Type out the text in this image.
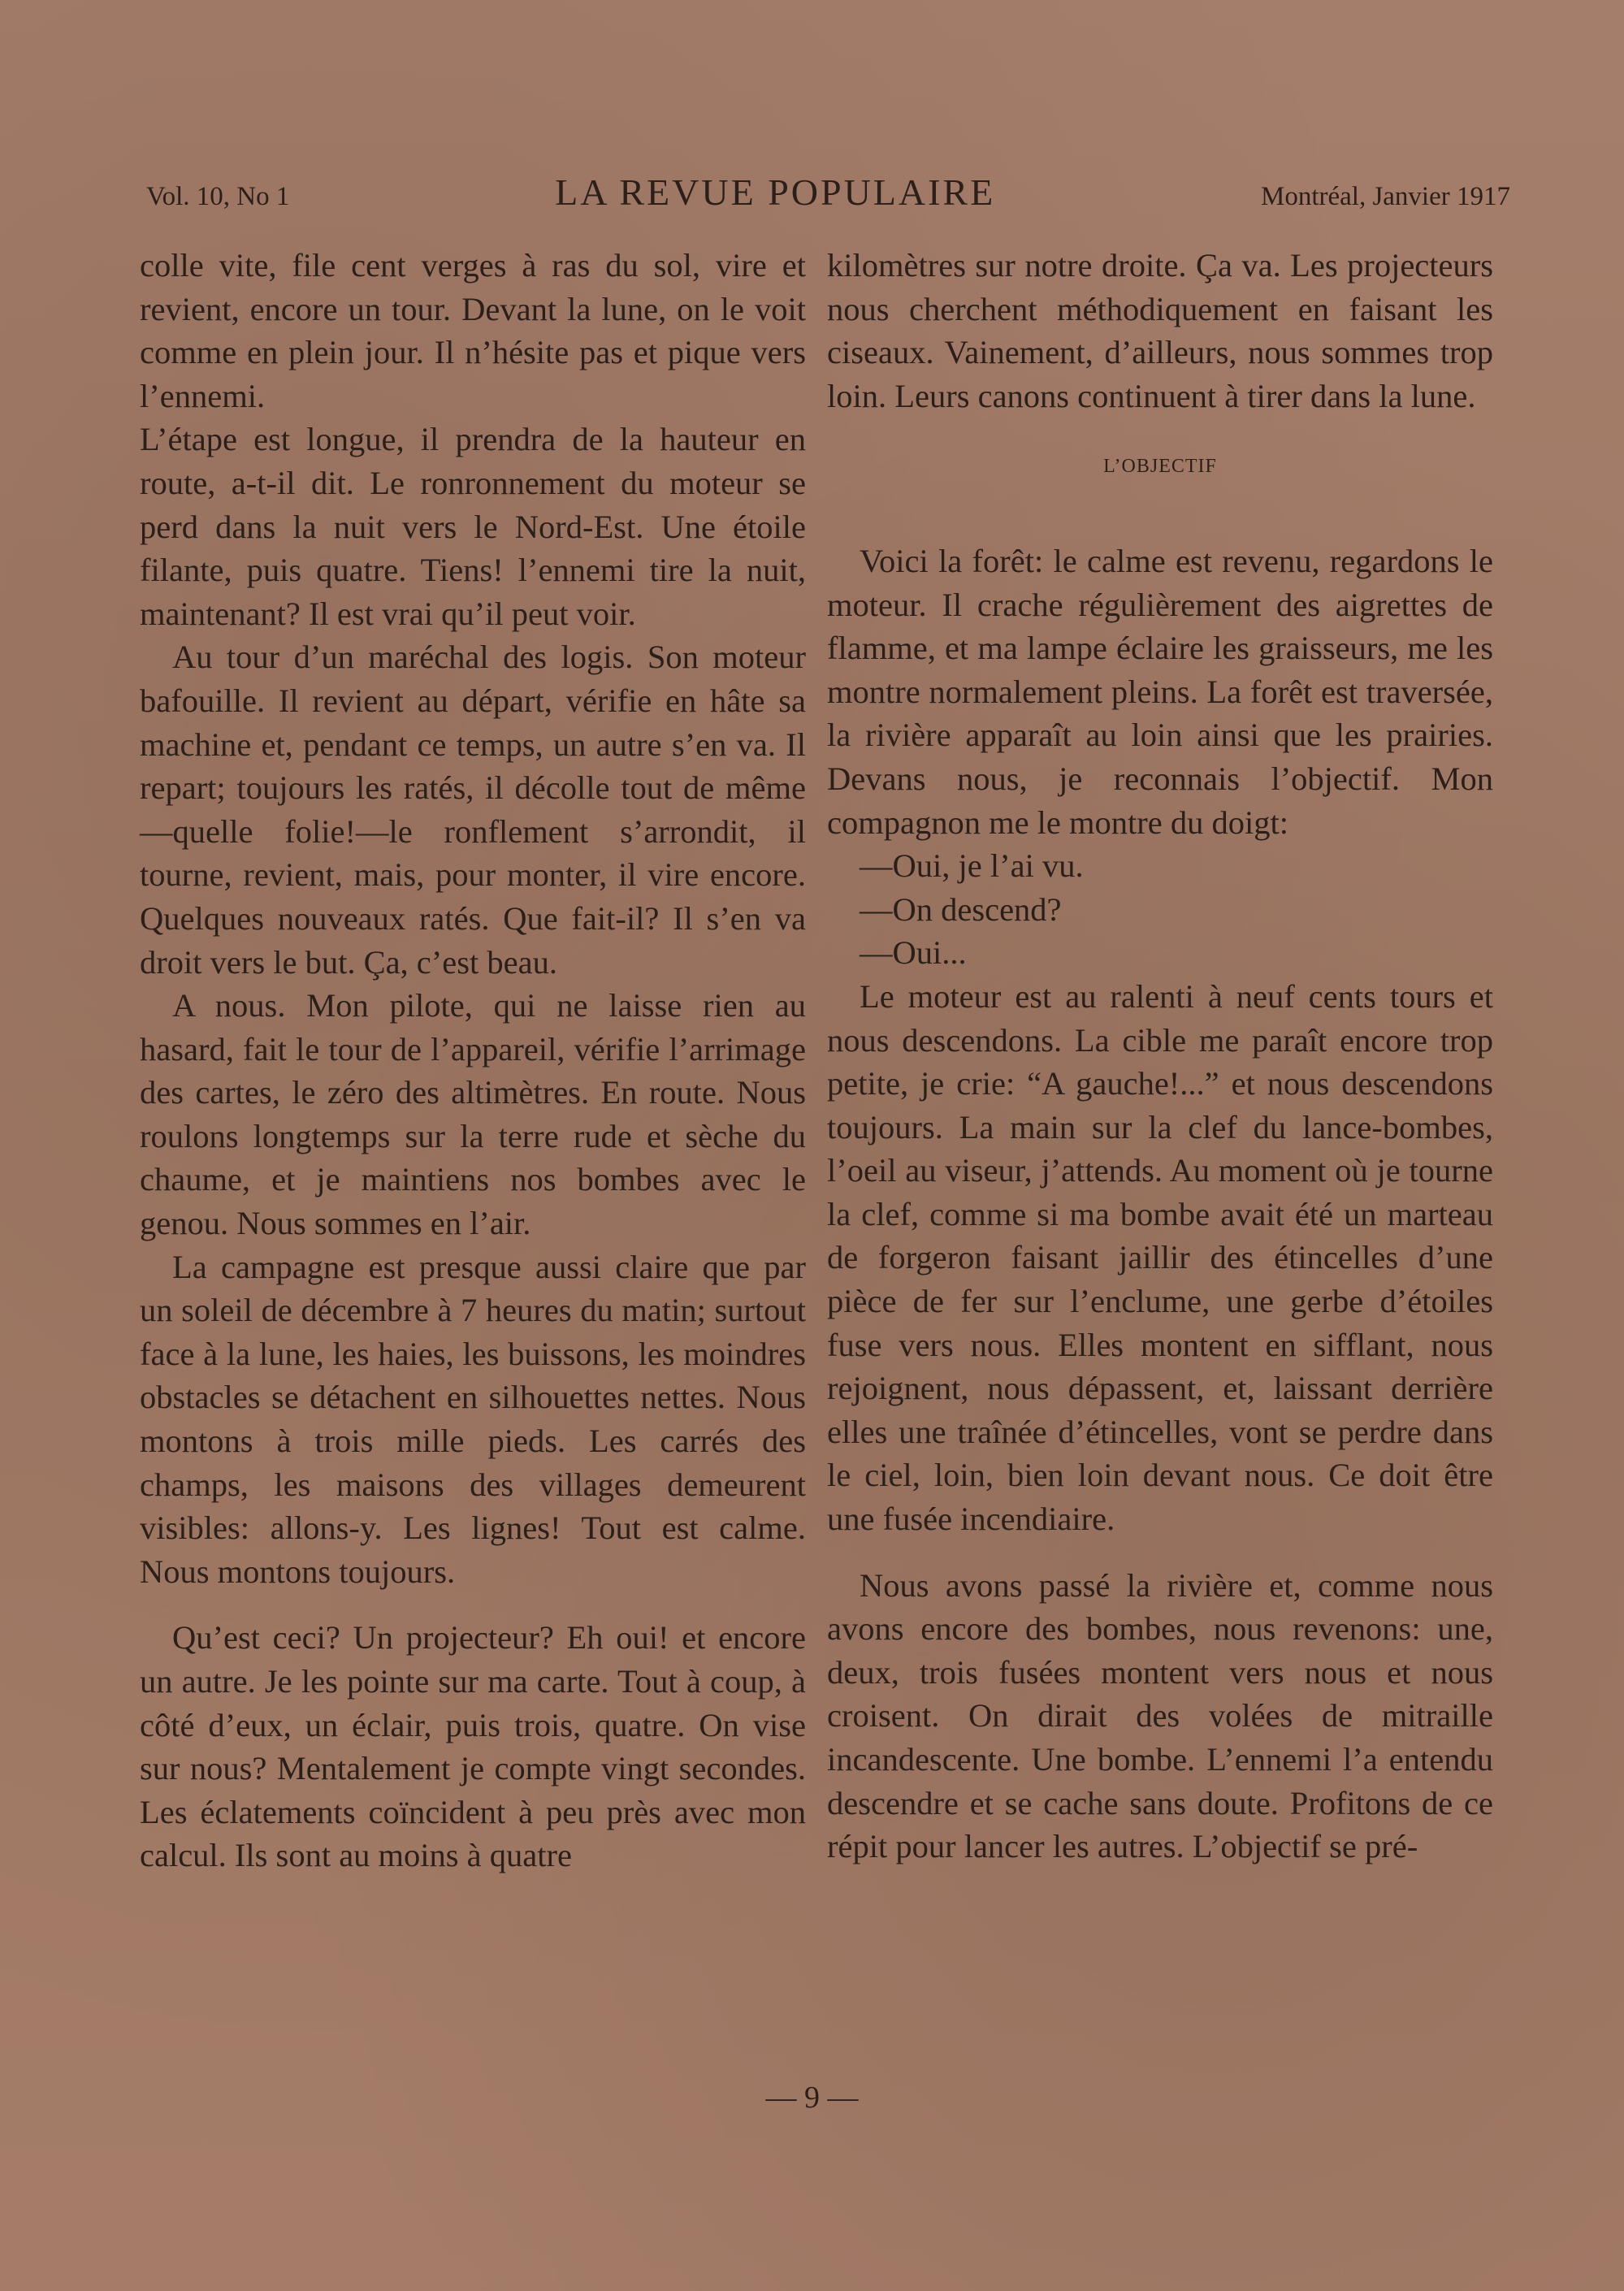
Vol. 10, No 1	LA REVUE POPULAIRE	Montréal, Janvier 1917

colle vite, file cent verges à ras du sol, vire et revient, encore un tour. Devant la lune, on le voit comme en plein jour. Il n’hésite pas et pique vers l’ennemi.

L’étape est longue, il prendra de la hauteur en route, a-t-il dit. Le ronronnement du moteur se perd dans la nuit vers le Nord-Est. Une étoile filante, puis quatre. Tiens! l’ennemi tire la nuit, maintenant? Il est vrai qu’il peut voir.

Au tour d’un maréchal des logis. Son moteur bafouille. Il revient au départ, vérifie en hâte sa machine et, pendant ce temps, un autre s’en va. Il repart; toujours les ratés, il décolle tout de même—quelle folie!—le ronflement s’arrondit, il tourne, revient, mais, pour monter, il vire encore. Quelques nouveaux ratés. Que fait-il? Il s’en va droit vers le but. Ça, c’est beau.

A nous. Mon pilote, qui ne laisse rien au hasard, fait le tour de l’appareil, vérifie l’arrimage des cartes, le zéro des altimètres. En route. Nous roulons longtemps sur la terre rude et sèche du chaume, et je maintiens nos bombes avec le genou. Nous sommes en l’air.

La campagne est presque aussi claire que par un soleil de décembre à 7 heures du matin; surtout face à la lune, les haies, les buissons, les moindres obstacles se détachent en silhouettes nettes. Nous montons à trois mille pieds. Les carrés des champs, les maisons des villages demeurent visibles: allons-y. Les lignes! Tout est calme. Nous montons toujours.

Qu’est ceci? Un projecteur? Eh oui! et encore un autre. Je les pointe sur ma carte. Tout à coup, à côté d’eux, un éclair, puis trois, quatre. On vise sur nous? Mentalement je compte vingt secondes. Les éclatements coïncident à peu près avec mon calcul. Ils sont au moins à quatre

kilomètres sur notre droite. Ça va. Les projecteurs nous cherchent méthodiquement en faisant les ciseaux. Vainement, d’ailleurs, nous sommes trop loin. Leurs canons continuent à tirer dans la lune.

L’OBJECTIF

Voici la forêt: le calme est revenu, regardons le moteur. Il crache régulièrement des aigrettes de flamme, et ma lampe éclaire les graisseurs, me les montre normalement pleins. La forêt est traversée, la rivière apparaît au loin ainsi que les prairies. Devans nous, je reconnais l’objectif. Mon compagnon me le montre du doigt:

—Oui, je l’ai vu.

—On descend?

—Oui...

Le moteur est au ralenti à neuf cents tours et nous descendons. La cible me paraît encore trop petite, je crie: “A gauche!...” et nous descendons toujours. La main sur la clef du lance-bombes, l’oeil au viseur, j’attends. Au moment où je tourne la clef, comme si ma bombe avait été un marteau de forgeron faisant jaillir des étincelles d’une pièce de fer sur l’enclume, une gerbe d’étoiles fuse vers nous. Elles montent en sifflant, nous rejoignent, nous dépassent, et, laissant derrière elles une traînée d’étincelles, vont se perdre dans le ciel, loin, bien loin devant nous. Ce doit être une fusée incendiaire.

Nous avons passé la rivière et, comme nous avons encore des bombes, nous revenons: une, deux, trois fusées montent vers nous et nous croisent. On dirait des volées de mitraille incandescente. Une bombe. L’ennemi l’a entendu descendre et se cache sans doute. Profitons de ce répit pour lancer les autres. L’objectif se pré-

— 9 —
